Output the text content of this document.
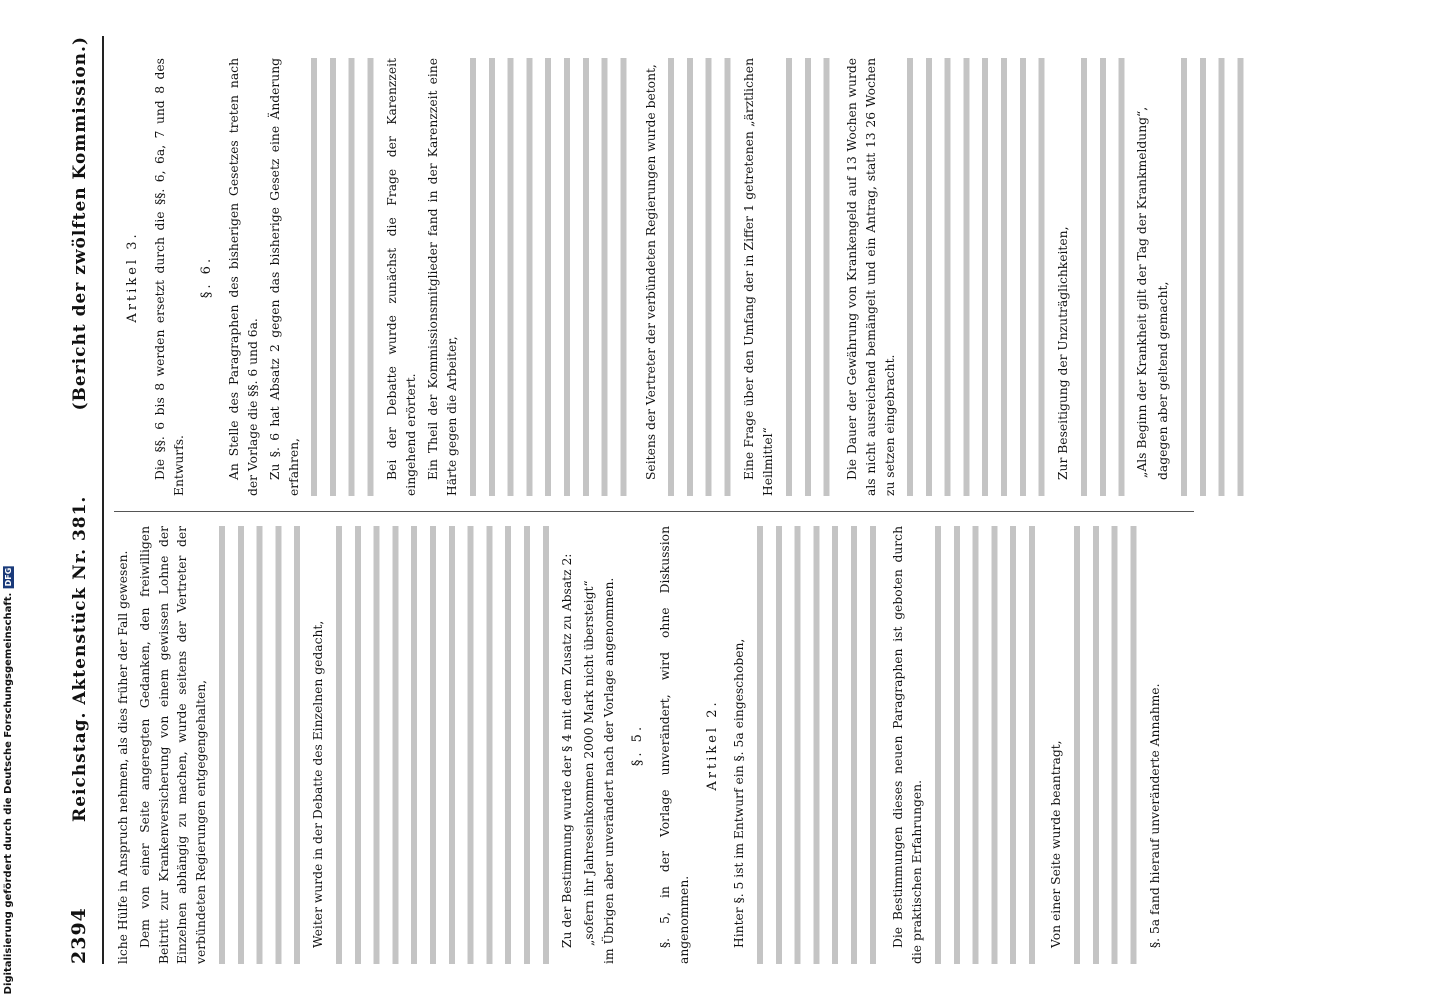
2394
Reichstag. Aktenstück Nr. 381.
(Bericht der zwölften Kommission.)

liche Hülfe in Anspruch nehmen, als dies früher der Fall gewesen. Dem von einer Seite angeregten Gedanken, den freiwilligen Beitritt zur Krankenversicherung von einem gewissen Lohne der Einzelnen abhängig zu machen, wurde seitens der Vertreter der verbündeten Regierungen entgegengehalten,	Weiter wurde in der Debatte des Einzelnen gedacht,	Zu der Bestimmung wurde der § 4 mit dem Zusatz zu Absatz 2: „sofern ihr Jahreseinkommen 2000 Mark nicht übersteigt“ im Übrigen aber unverändert nach der Vorlage angenommen. §. 5. §. 5, in der Vorlage unverändert, wird ohne Diskussion angenommen.

Artikel 2. Hinter §. 5 ist im Entwurf ein §. 5a eingeschoben,	Die Bestimmungen dieses neuen Paragraphen ist geboten durch die praktischen Erfahrungen.	Von einer Seite wurde beantragt,	§. 5a fand hierauf unveränderte Annahme.

Artikel 3. Die §§. 6 bis 8 werden ersetzt durch die §§. 6, 6a, 7 und 8 des Entwurfs.

§. 6. An Stelle des Paragraphen des bisherigen Gesetzes treten nach der Vorlage die §§. 6 und 6a. Zu §. 6 hat Absatz 2 gegen das bisherige Gesetz eine Änderung erfahren,	Bei der Debatte wurde zunächst die Frage der Karenzzeit eingehend erörtert. Ein Theil der Kommissionsmitglieder fand in der Karenzzeit eine Härte gegen die Arbeiter,	Seitens der Vertreter der verbündeten Regierungen wurde betont,	Eine Frage über den Umfang der in Ziffer 1 getretenen „ärztlichen Heilmittel“	Die Dauer der Gewährung von Krankengeld auf 13 Wochen wurde als nicht ausreichend bemängelt und ein Antrag, statt 13 26 Wochen zu setzen eingebracht.	Zur Beseitigung der Unzuträglichkeiten,	„Als Beginn der Krankheit gilt der Tag der Krankmeldung“, dagegen aber geltend gemacht,

Digitalisierung gefördert durch die Deutsche Forschungsgemeinschaft.
DFG
